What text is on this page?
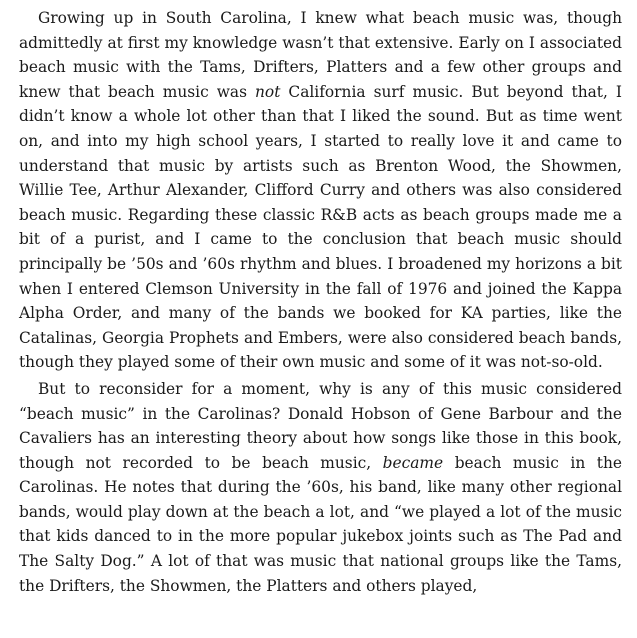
Growing up in South Carolina, I knew what beach music was, though admittedly at first my knowledge wasn’t that extensive. Early on I associated beach music with the Tams, Drifters, Platters and a few other groups and knew that beach music was not California surf music. But beyond that, I didn’t know a whole lot other than that I liked the sound. But as time went on, and into my high school years, I started to really love it and came to understand that music by artists such as Brenton Wood, the Showmen, Willie Tee, Arthur Alexander, Clifford Curry and others was also considered beach music. Regarding these classic R&B acts as beach groups made me a bit of a purist, and I came to the conclusion that beach music should principally be ’50s and ’60s rhythm and blues. I broadened my horizons a bit when I entered Clemson University in the fall of 1976 and joined the Kappa Alpha Order, and many of the bands we booked for KA parties, like the Catalinas, Georgia Prophets and Embers, were also considered beach bands, though they played some of their own music and some of it was not-so-old.

But to reconsider for a moment, why is any of this music considered “beach music” in the Carolinas? Donald Hobson of Gene Barbour and the Cavaliers has an interesting theory about how songs like those in this book, though not recorded to be beach music, became beach music in the Carolinas. He notes that during the ’60s, his band, like many other regional bands, would play down at the beach a lot, and “we played a lot of the music that kids danced to in the more popular jukebox joints such as The Pad and The Salty Dog.” A lot of that was music that national groups like the Tams, the Drifters, the Showmen, the Platters and others played,
